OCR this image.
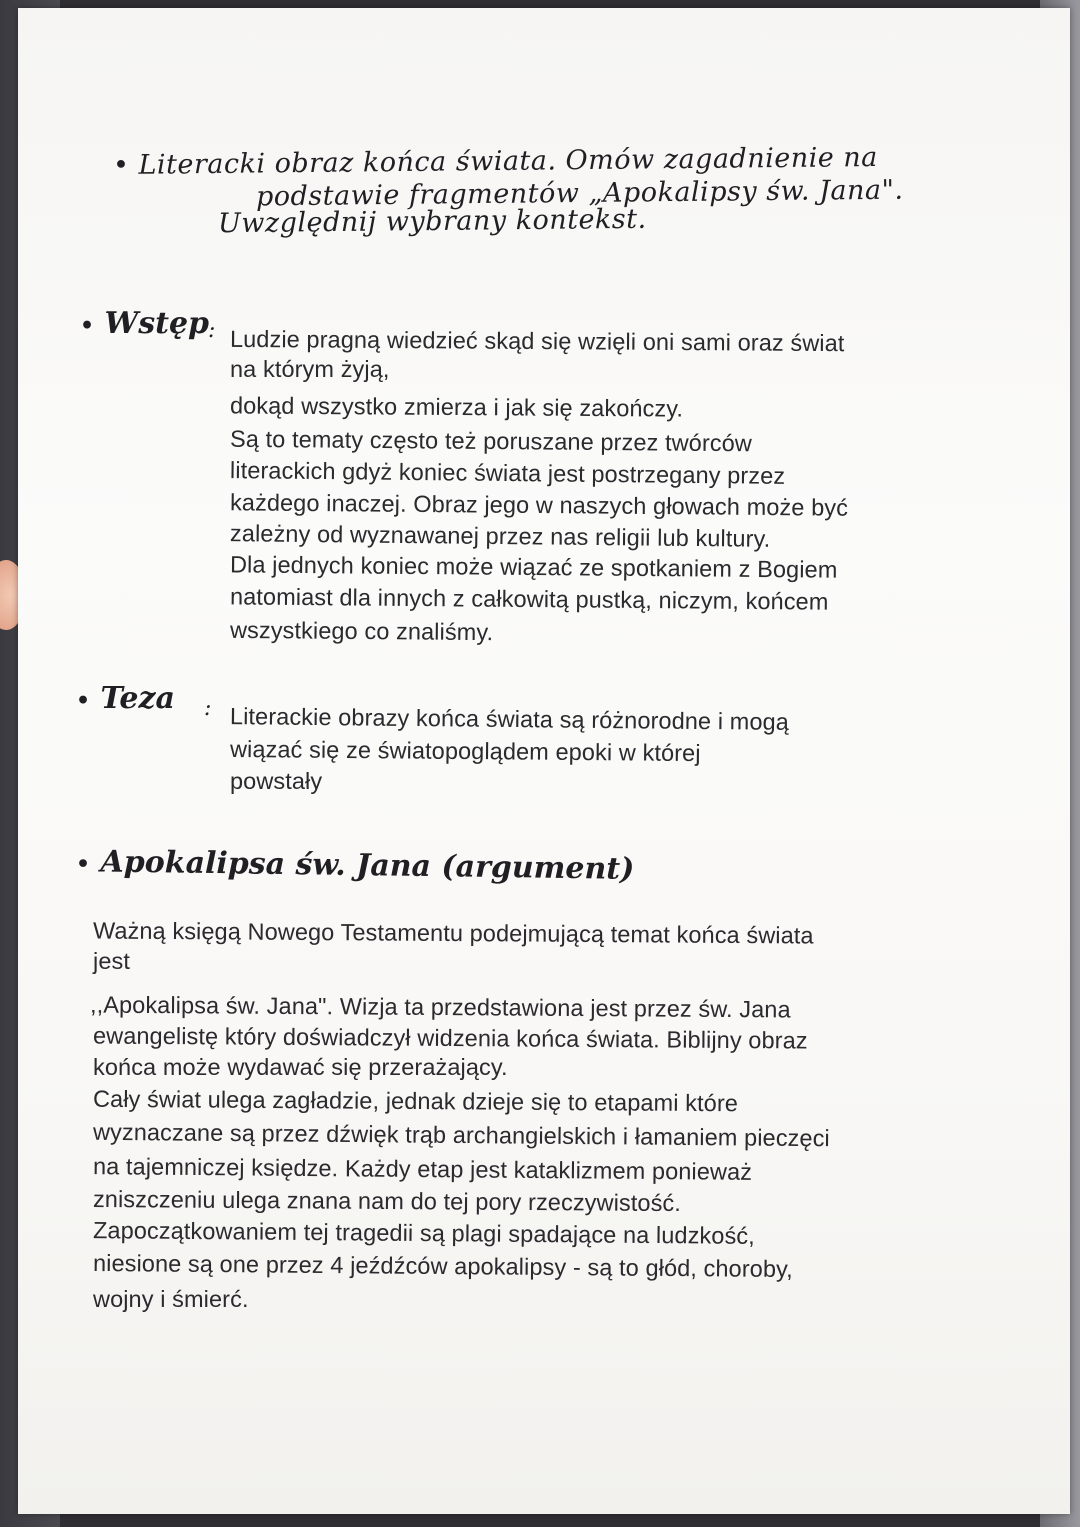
• Literacki obraz końca świata. Omów zagadnienie na
podstawie fragmentów „Apokalipsy św. Jana".
Uwzględnij wybrany kontekst.
• Wstęp
: Ludzie pragną wiedzieć skąd się wzięli oni sami oraz świat
na którym żyją,
dokąd wszystko zmierza i jak się zakończy.
Są to tematy często też poruszane przez twórców
literackich gdyż koniec świata jest postrzegany przez
każdego inaczej. Obraz jego w naszych głowach może być
zależny od wyznawanej przez nas religii lub kultury.
Dla jednych koniec może wiązać ze spotkaniem z Bogiem
natomiast dla innych z całkowitą pustką, niczym, końcem
wszystkiego co znaliśmy.
• Teza : Literackie obrazy końca świata są różnorodne i mogą
wiązać się ze światopoglądem epoki w której
powstały
• Apokalipsa św. Jana (argument)
Ważną księgą Nowego Testamentu podejmującą temat końca świata
jest
,,Apokalipsa św. Jana". Wizja ta przedstawiona jest przez św. Jana
ewangelistę który doświadczył widzenia końca świata. Biblijny obraz
końca może wydawać się przerażający.
Cały świat ulega zagładzie, jednak dzieje się to etapami które
wyznaczane są przez dźwięk trąb archangielskich i łamaniem pieczęci
na tajemniczej księdze. Każdy etap jest kataklizmem ponieważ
zniszczeniu ulega znana nam do tej pory rzeczywistość.
Zapoczątkowaniem tej tragedii są plagi spadające na ludzkość,
niesione są one przez 4 jeźdźców apokalipsy - są to głód, choroby,
wojny i śmierć.
